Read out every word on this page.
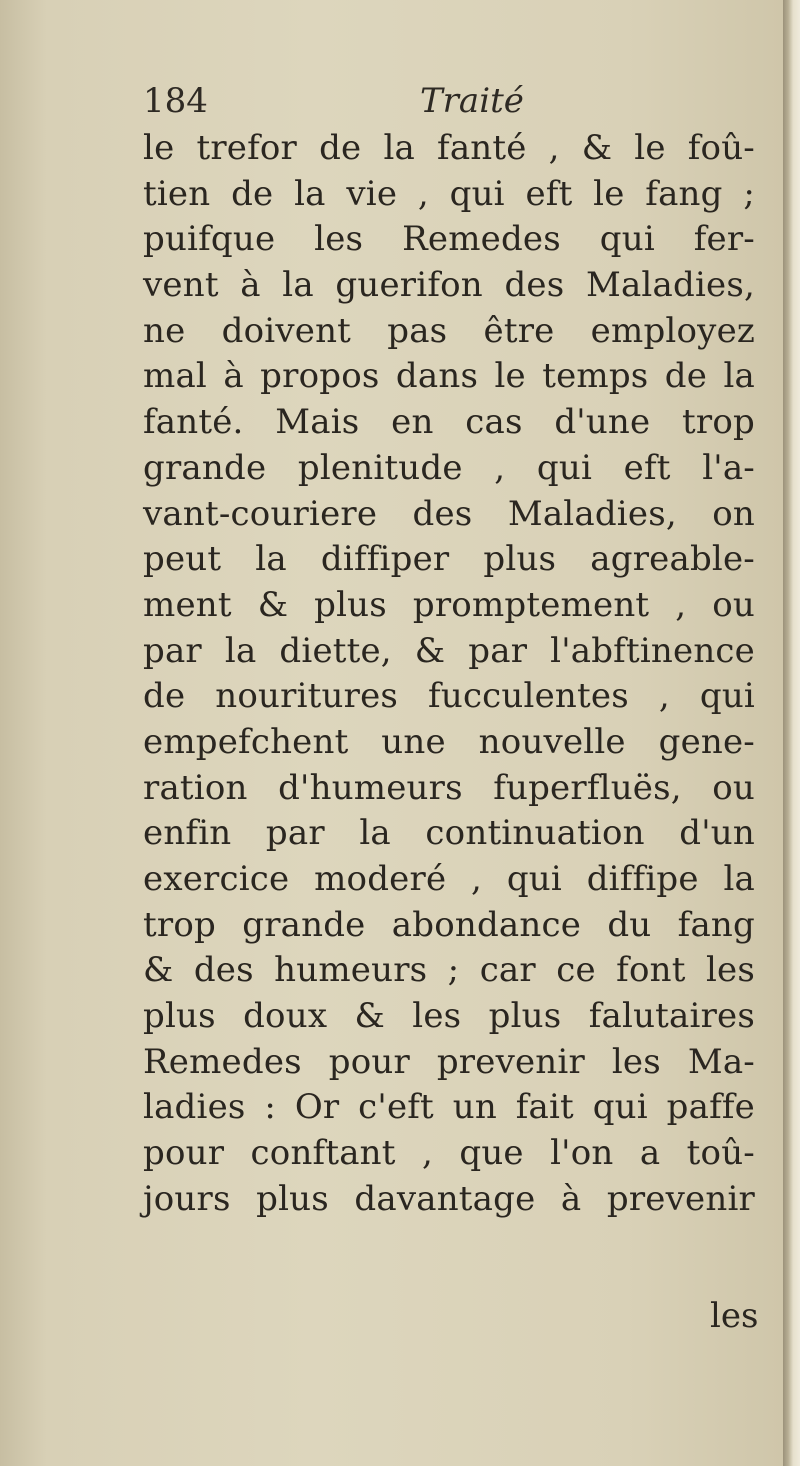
184	Traité
le trefor de la fanté , & le foû-
tien de la vie , qui eft le fang ;
puifque les Remedes qui fer-
vent à la guerifon des Maladies,
ne doivent pas être employez
mal à propos dans le temps de la
fanté. Mais en cas d'une trop
grande plenitude , qui eft l'a-
vant-couriere des Maladies, on
peut la diffiper plus agreable-
ment & plus promptement , ou
par la diette, & par l'abftinence
de nouritures fucculentes , qui
empefchent une nouvelle gene-
ration d'humeurs fuperfluës, ou
enfin par la continuation d'un
exercice moderé , qui diffipe la
trop grande abondance du fang
& des humeurs ; car ce font les
plus doux & les plus falutaires
Remedes pour prevenir les Ma-
ladies : Or c'eft un fait qui paffe
pour conftant , que l'on a toû-
jours plus davantage à prevenir
les
